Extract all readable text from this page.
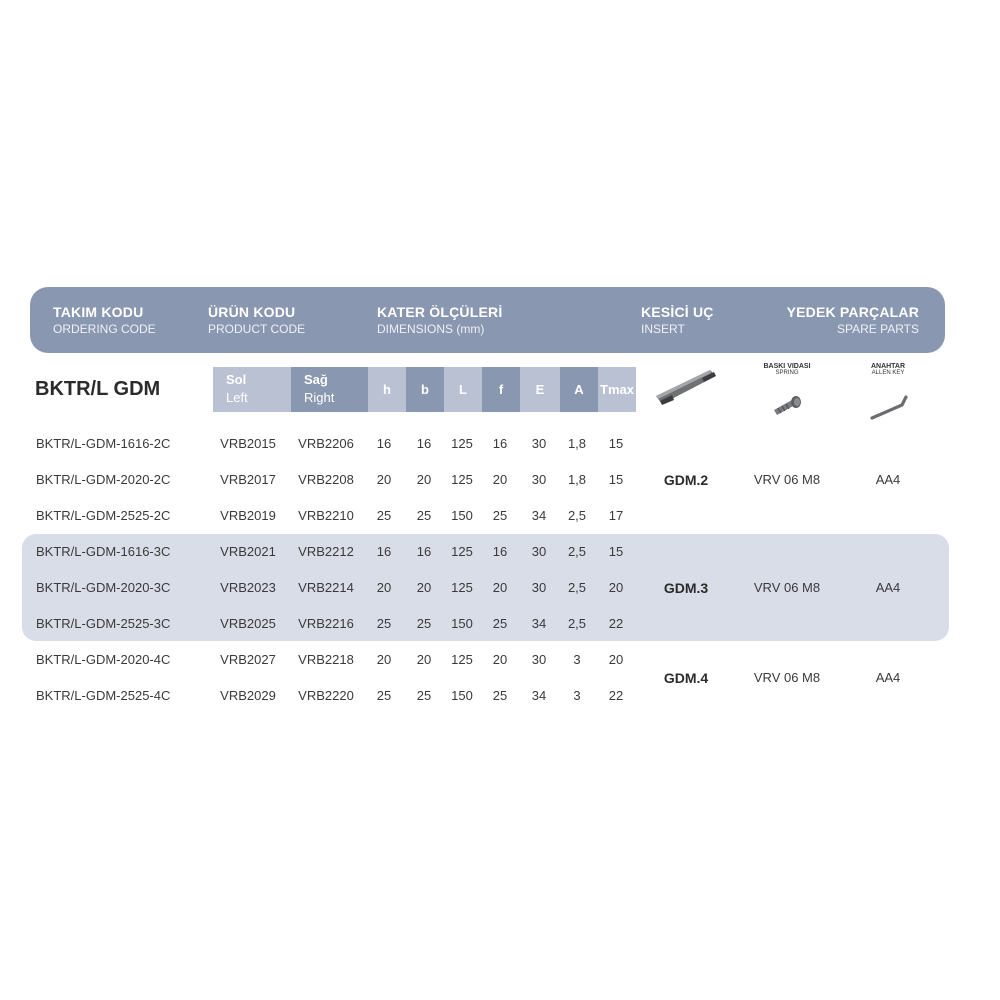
TAKIM KODU
ORDERING CODE
ÜRÜN KODU
PRODUCT CODE
KATER ÖLÇÜLERİ
DIMENSIONS (mm)
KESİCİ UÇ
INSERT
YEDEK PARÇALAR
SPARE PARTS
BKTR/L GDM	Sol
Left
Sağ
Right
h	b	L	f	E	A	Tmax
BASKI VIDASI
SPRING
ANAHTAR
ALLEN KEY
BKTR/L-GDM-1616-2C	VRB2015	VRB2206	16	16	125	16	30	1,8	15
BKTR/L-GDM-2020-2C	VRB2017	VRB2208	20	20	125	20	30	1,8	15
BKTR/L-GDM-2525-2C	VRB2019	VRB2210	25	25	150	25	34	2,5	17
BKTR/L-GDM-1616-3C	VRB2021	VRB2212	16	16	125	16	30	2,5	15
BKTR/L-GDM-2020-3C	VRB2023	VRB2214	20	20	125	20	30	2,5	20
BKTR/L-GDM-2525-3C	VRB2025	VRB2216	25	25	150	25	34	2,5	22
BKTR/L-GDM-2020-4C	VRB2027	VRB2218	20	20	125	20	30	3	20
BKTR/L-GDM-2525-4C	VRB2029	VRB2220	25	25	150	25	34	3	22
GDM.2	VRV 06 M8	AA4
GDM.3	VRV 06 M8	AA4
GDM.4	VRV 06 M8	AA4
